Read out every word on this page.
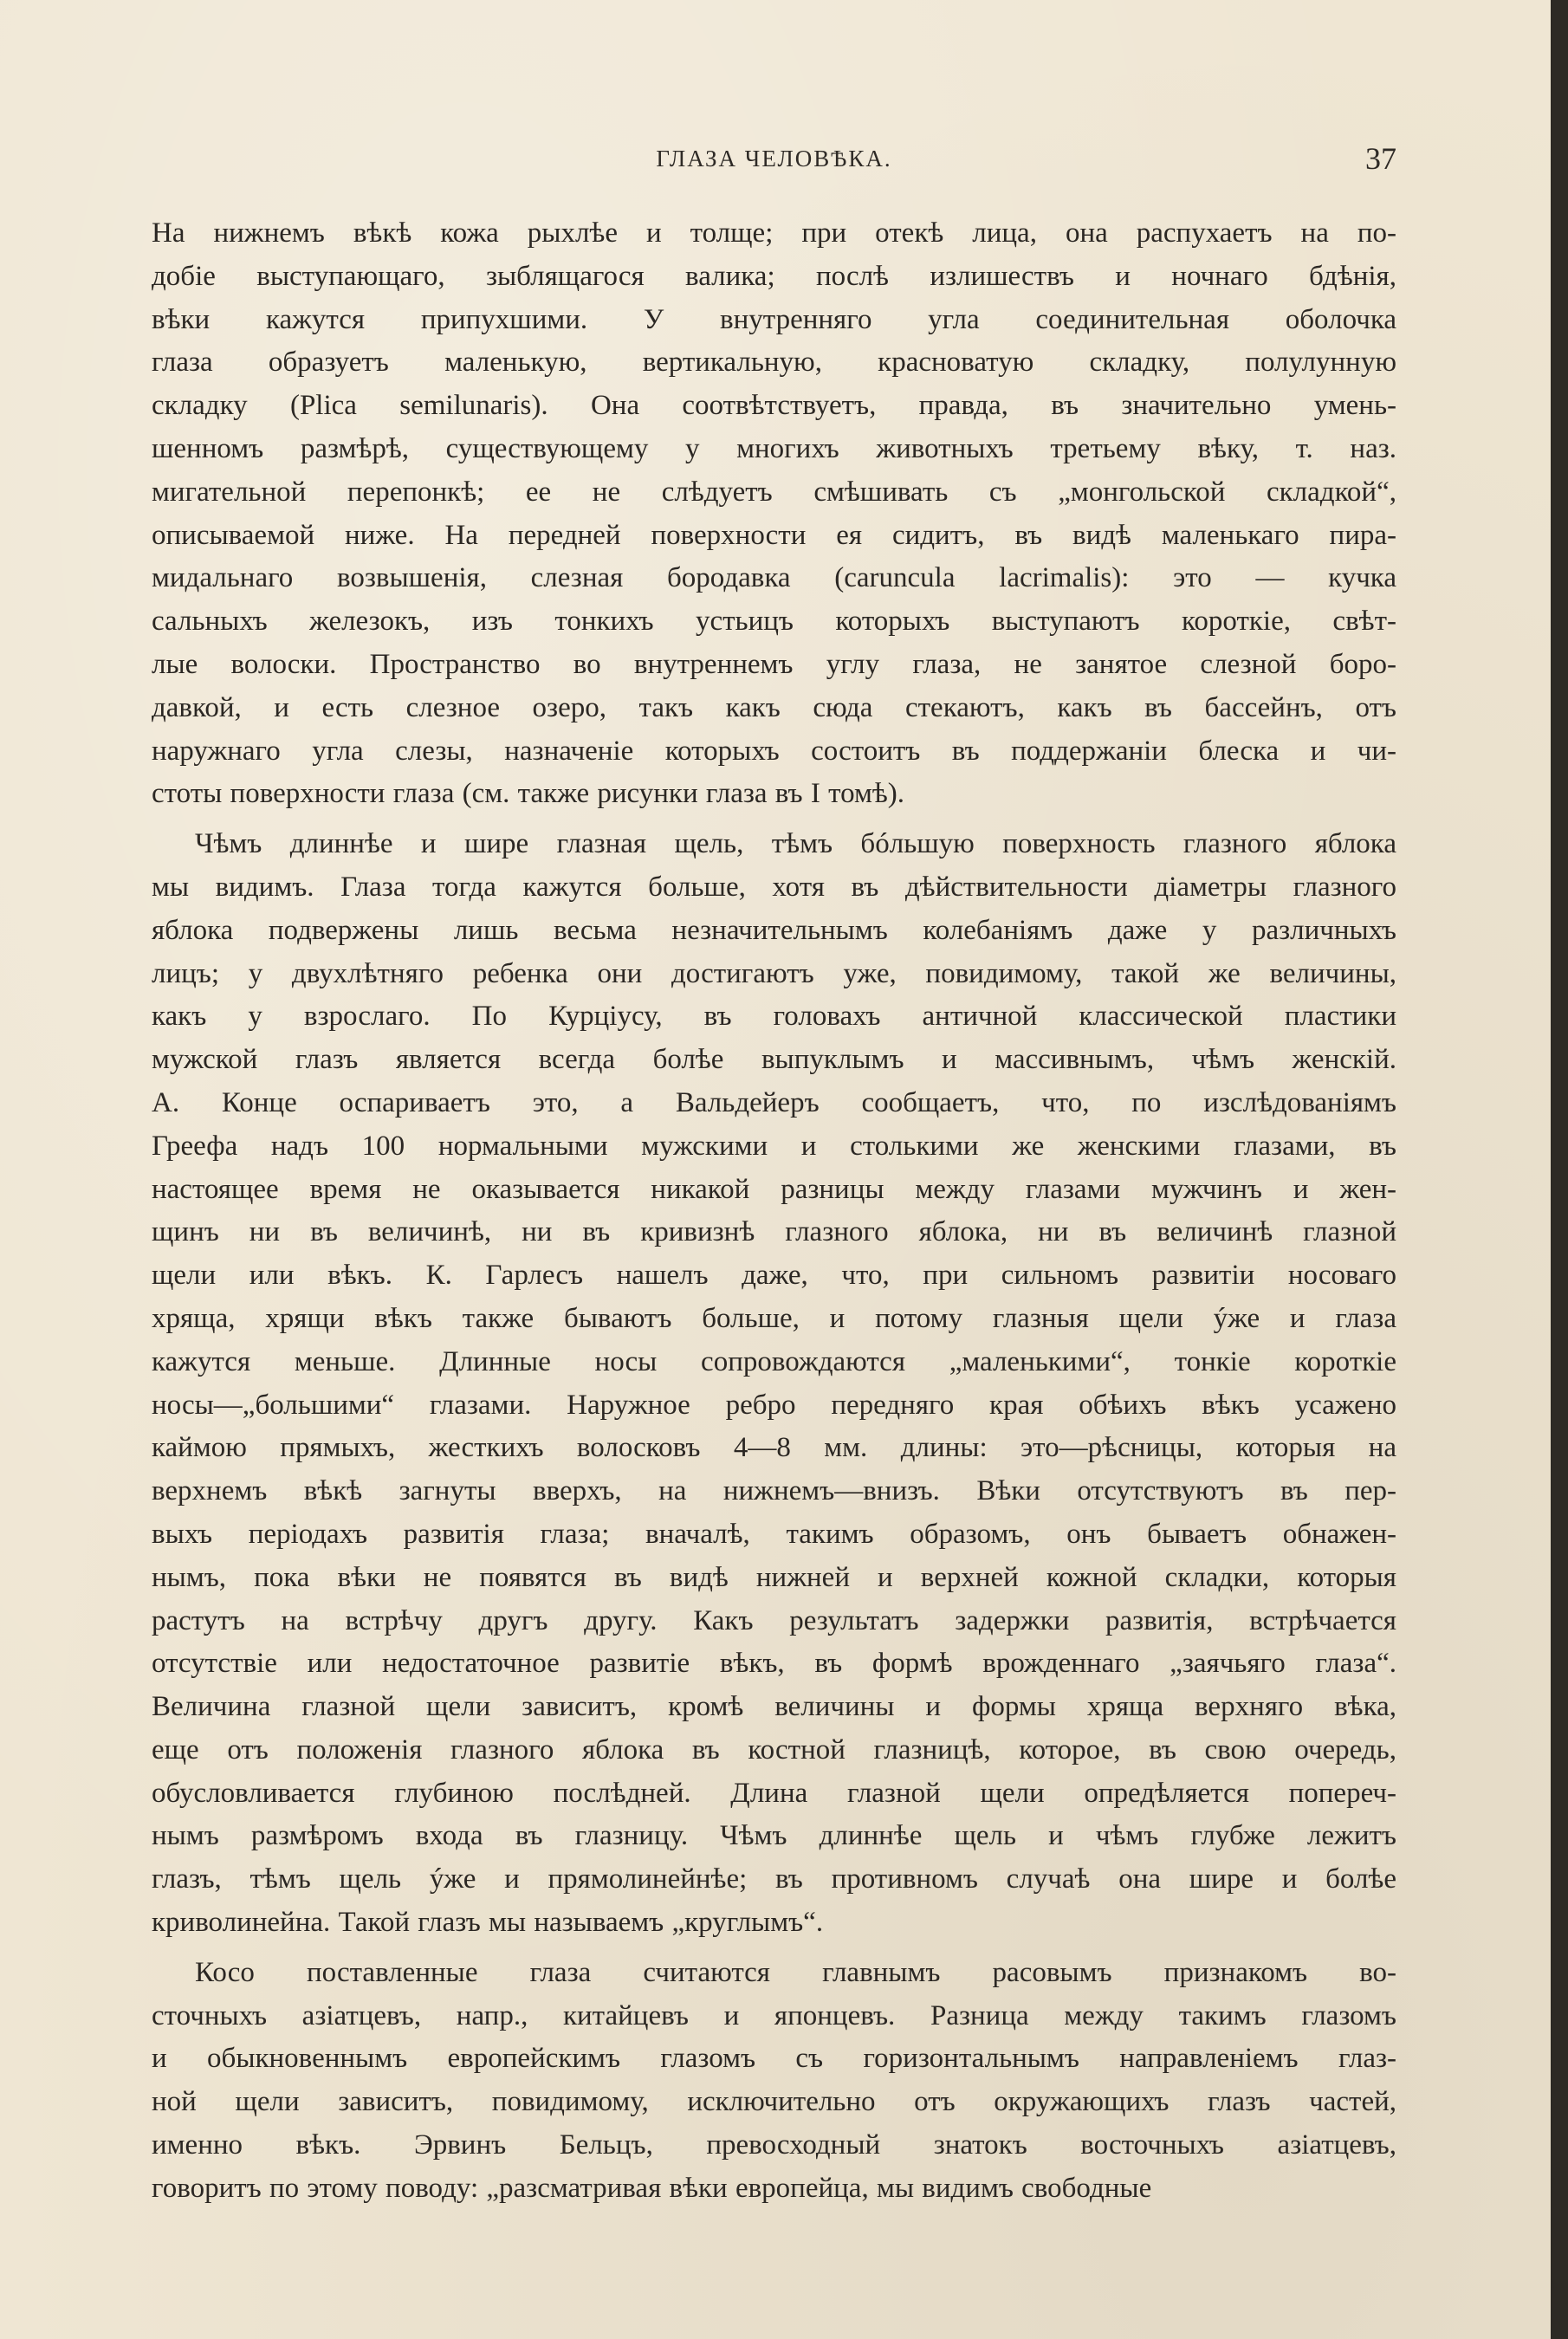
ГЛАЗА ЧЕЛОВѢКА.	37

На нижнемъ вѣкѣ кожа рыхлѣе и толще; при отекѣ лица, она распухаетъ на по-
добіе выступающаго, зыблящагося валика; послѣ излишествъ и ночнаго бдѣнія,
вѣки кажутся припухшими. У внутренняго угла соединительная оболочка
глаза образуетъ маленькую, вертикальную, красноватую складку, полулунную
складку (Plica semilunaris). Она соотвѣтствуетъ, правда, въ значительно умень-
шенномъ размѣрѣ, существующему у многихъ животныхъ третьему вѣку, т. наз.
мигательной перепонкѣ; ее не слѣдуетъ смѣшивать съ „монгольской складкой“,
описываемой ниже. На передней поверхности ея сидитъ, въ видѣ маленькаго пира-
мидальнаго возвышенія, слезная бородавка (caruncula lacrimalis): это — кучка
сальныхъ железокъ, изъ тонкихъ устьицъ которыхъ выступаютъ короткіе, свѣт-
лые волоски. Пространство во внутреннемъ углу глаза, не занятое слезной боро-
давкой, и есть слезное озеро, такъ какъ сюда стекаютъ, какъ въ бассейнъ, отъ
наружнаго угла слезы, назначеніе которыхъ состоитъ въ поддержаніи блеска и чи-
стоты поверхности глаза (см. также рисунки глаза въ I томѣ).

Чѣмъ длиннѣе и шире глазная щель, тѣмъ бóльшую поверхность глазного яблока
мы видимъ. Глаза тогда кажутся больше, хотя въ дѣйствительности діаметры глазного
яблока подвержены лишь весьма незначительнымъ колебаніямъ даже у различныхъ
лицъ; у двухлѣтняго ребенка они достигаютъ уже, повидимому, такой же величины,
какъ у взрослаго. По Курціусу, въ головахъ античной классической пластики
мужской глазъ является всегда болѣе выпуклымъ и массивнымъ, чѣмъ женскій.
А. Конце оспариваетъ это, а Вальдейеръ сообщаетъ, что, по изслѣдованіямъ
Греефа надъ 100 нормальными мужскими и столькими же женскими глазами, въ
настоящее время не оказывается никакой разницы между глазами мужчинъ и жен-
щинъ ни въ величинѣ, ни въ кривизнѣ глазного яблока, ни въ величинѣ глазной
щели или вѣкъ. К. Гарлесъ нашелъ даже, что, при сильномъ развитіи носоваго
хряща, хрящи вѣкъ также бываютъ больше, и потому глазныя щели ýже и глаза
кажутся меньше. Длинные носы сопровождаются „маленькими“, тонкіе короткіе
носы—„большими“ глазами. Наружное ребро передняго края обѣихъ вѣкъ усажено
каймою прямыхъ, жесткихъ волосковъ 4—8 мм. длины: это—рѣсницы, которыя на
верхнемъ вѣкѣ загнуты вверхъ, на нижнемъ—внизъ. Вѣки отсутствуютъ въ пер-
выхъ періодахъ развитія глаза; вначалѣ, такимъ образомъ, онъ бываетъ обнажен-
нымъ, пока вѣки не появятся въ видѣ нижней и верхней кожной складки, которыя
растутъ на встрѣчу другъ другу. Какъ результатъ задержки развитія, встрѣчается
отсутствіе или недостаточное развитіе вѣкъ, въ формѣ врожденнаго „заячьяго глаза“.
Величина глазной щели зависитъ, кромѣ величины и формы хряща верхняго вѣка,
еще отъ положенія глазного яблока въ костной глазницѣ, которое, въ свою очередь,
обусловливается глубиною послѣдней. Длина глазной щели опредѣляется попереч-
нымъ размѣромъ входа въ глазницу. Чѣмъ длиннѣе щель и чѣмъ глубже лежитъ
глазъ, тѣмъ щель ýже и прямолинейнѣе; въ противномъ случаѣ она шире и болѣе
криволинейна. Такой глазъ мы называемъ „круглымъ“.

Косо поставленные глаза считаются главнымъ расовымъ признакомъ во-
сточныхъ азіатцевъ, напр., китайцевъ и японцевъ. Разница между такимъ глазомъ
и обыкновеннымъ европейскимъ глазомъ съ горизонтальнымъ направленіемъ глаз-
ной щели зависитъ, повидимому, исключительно отъ окружающихъ глазъ частей,
именно вѣкъ. Эрвинъ Бельцъ, превосходный знатокъ восточныхъ азіатцевъ,
говоритъ по этому поводу: „разсматривая вѣки европейца, мы видимъ свободные
